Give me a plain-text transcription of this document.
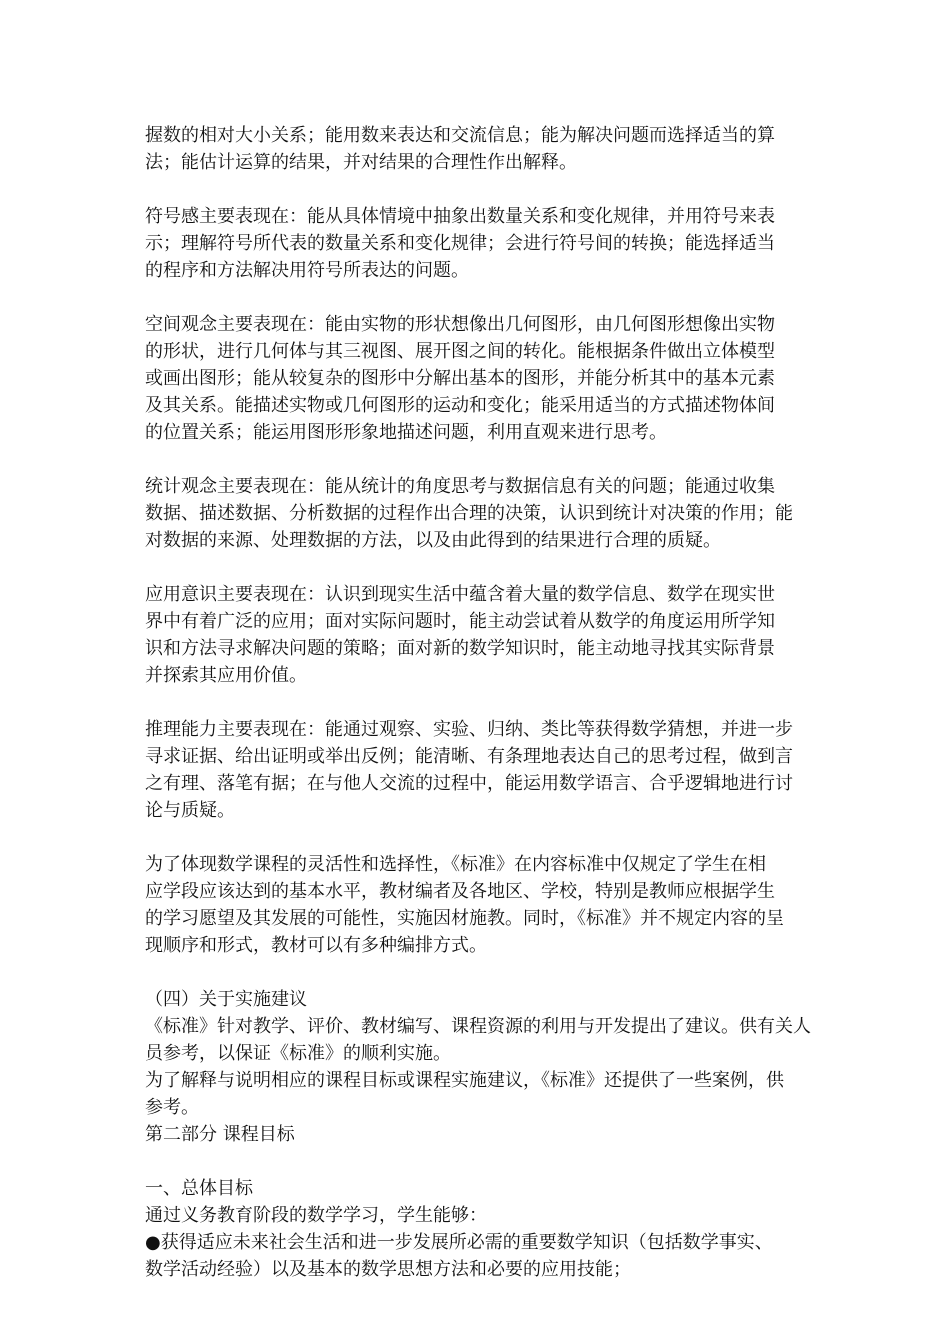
握数的相对大小关系；能用数来表达和交流信息；能为解决问题而选择适当的算

法；能估计运算的结果，并对结果的合理性作出解释。

符号感主要表现在：能从具体情境中抽象出数量关系和变化规律，并用符号来表

示；理解符号所代表的数量关系和变化规律；会进行符号间的转换；能选择适当

的程序和方法解决用符号所表达的问题。

空间观念主要表现在：能由实物的形状想像出几何图形，由几何图形想像出实物

的形状，进行几何体与其三视图、展开图之间的转化。能根据条件做出立体模型

或画出图形；能从较复杂的图形中分解出基本的图形，并能分析其中的基本元素

及其关系。能描述实物或几何图形的运动和变化；能采用适当的方式描述物体间

的位置关系；能运用图形形象地描述问题，利用直观来进行思考。

统计观念主要表现在：能从统计的角度思考与数据信息有关的问题；能通过收集

数据、描述数据、分析数据的过程作出合理的决策，认识到统计对决策的作用；能

对数据的来源、处理数据的方法，以及由此得到的结果进行合理的质疑。

应用意识主要表现在：认识到现实生活中蕴含着大量的数学信息、数学在现实世

界中有着广泛的应用；面对实际问题时，能主动尝试着从数学的角度运用所学知

识和方法寻求解决问题的策略；面对新的数学知识时，能主动地寻找其实际背景

并探索其应用价值。

推理能力主要表现在：能通过观察、实验、归纳、类比等获得数学猜想，并进一步

寻求证据、给出证明或举出反例；能清晰、有条理地表达自己的思考过程，做到言

之有理、落笔有据；在与他人交流的过程中，能运用数学语言、合乎逻辑地进行讨

论与质疑。

为了体现数学课程的灵活性和选择性，《标准》在内容标准中仅规定了学生在相

应学段应该达到的基本水平，教材编者及各地区、学校，特别是教师应根据学生

的学习愿望及其发展的可能性，实施因材施教。同时，《标准》并不规定内容的呈

现顺序和形式，教材可以有多种编排方式。

（四）关于实施建议

《标准》针对教学、评价、教材编写、课程资源的利用与开发提出了建议。供有关人

员参考，以保证《标准》的顺利实施。

为了解释与说明相应的课程目标或课程实施建议，《标准》还提供了一些案例，供

参考。

第二部分 课程目标

一、总体目标

通过义务教育阶段的数学学习，学生能够：

●获得适应未来社会生活和进一步发展所必需的重要数学知识（包括数学事实、

数学活动经验）以及基本的数学思想方法和必要的应用技能；
